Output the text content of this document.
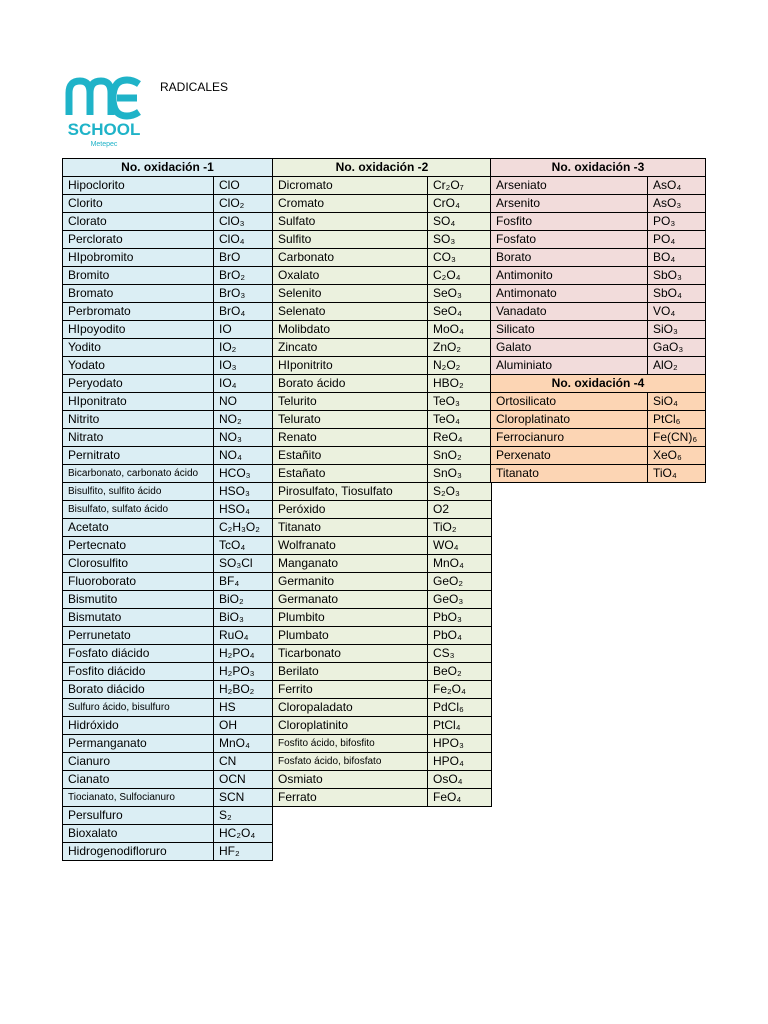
SCHOOL
Metepec
RADICALES
No. oxidación -1	
Hipoclorito	ClO
Clorito	ClO₂
Clorato	ClO₃
Perclorato	ClO₄
HIpobromito	BrO
Bromito	BrO₂
Bromato	BrO₃
Perbromato	BrO₄
HIpoyodito	IO
Yodito	IO₂
Yodato	IO₃
Peryodato	IO₄
HIponitrato	NO
Nitrito	NO₂
Nitrato	NO₃
Pernitrato	NO₄
Bicarbonato, carbonato ácido	HCO₃
Bisulfito, sulfito ácido	HSO₃
Bisulfato, sulfato ácido	HSO₄
Acetato	C₂H₃O₂
Pertecnato	TcO₄
Clorosulfito	SO₃Cl
Fluoroborato	BF₄
Bismutito	BiO₂
Bismutato	BiO₃
Perrunetato	RuO₄
Fosfato diácido	H₂PO₄
Fosfito diácido	H₂PO₃
Borato diácido	H₂BO₂
Sulfuro ácido, bisulfuro	HS
Hidróxido	OH
Permanganato	MnO₄
Cianuro	CN
Cianato	OCN
Tiocianato, Sulfocianuro	SCN
Persulfuro	S₂
Bioxalato	HC₂O₄
Hidrogenodifloruro	HF₂
No. oxidación -2	
Dicromato	Cr₂O₇
Cromato	CrO₄
Sulfato	SO₄
Sulfito	SO₃
Carbonato	CO₃
Oxalato	C₂O₄
Selenito	SeO₃
Selenato	SeO₄
Molibdato	MoO₄
Zincato	ZnO₂
HIponitrito	N₂O₂
Borato ácido	HBO₂
Telurito	TeO₃
Telurato	TeO₄
Renato	ReO₄
Estañito	SnO₂
Estañato	SnO₃
Pirosulfato, Tiosulfato	S₂O₃
Peróxido	O2
Titanato	TiO₂
Wolfranato	WO₄
Manganato	MnO₄
Germanito	GeO₂
Germanato	GeO₃
Plumbito	PbO₃
Plumbato	PbO₄
Ticarbonato	CS₃
Berilato	BeO₂
Ferrito	Fe₂O₄
Cloropaladato	PdCl₆
Cloroplatinito	PtCl₄
Fosfito ácido, bifosfito	HPO₃
Fosfato ácido, bifosfato	HPO₄
Osmiato	OsO₄
Ferrato	FeO₄
No. oxidación -3	
Arseniato	AsO₄
Arsenito	AsO₃
Fosfito	PO₃
Fosfato	PO₄
Borato	BO₄
Antimonito	SbO₃
Antimonato	SbO₄
Vanadato	VO₄
Silicato	SiO₃
Galato	GaO₃
Aluminiato	AlO₂
No. oxidación -4	
Ortosilicato	SiO₄
Cloroplatinato	PtCl₆
Ferrocianuro	Fe(CN)₆
Perxenato	XeO₆
Titanato	TiO₄
